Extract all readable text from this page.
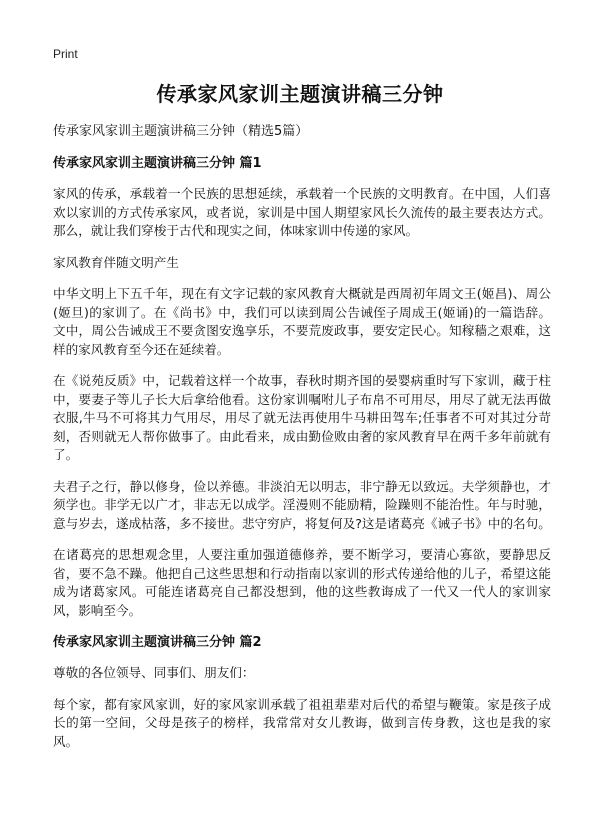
Print
传承家风家训主题演讲稿三分钟

传承家风家训主题演讲稿三分钟（精选5篇）

传承家风家训主题演讲稿三分钟 篇1

家风的传承，承载着一个民族的思想延续，承载着一个民族的文明教育。在中国，人们喜欢以家训的方式传承家风，或者说，家训是中国人期望家风长久流传的最主要表达方式。那么，就让我们穿梭于古代和现实之间，体味家训中传递的家风。

家风教育伴随文明产生

中华文明上下五千年，现在有文字记载的家风教育大概就是西周初年周文王(姬昌)、周公(姬旦)的家训了。在《尚书》中，我们可以读到周公告诫侄子周成王(姬诵)的一篇诰辞。文中，周公告诫成王不要贪图安逸享乐，不要荒废政事，要安定民心。知稼穑之艰难，这样的家风教育至今还在延续着。

在《说苑反质》中，记载着这样一个故事，春秋时期齐国的晏婴病重时写下家训，藏于柱中，要妻子等儿子长大后拿给他看。这份家训嘱咐儿子布帛不可用尽，用尽了就无法再做衣服,牛马不可将其力气用尽，用尽了就无法再使用牛马耕田驾车;任事者不可对其过分苛刻，否则就无人帮你做事了。由此看来，成由勤俭败由奢的家风教育早在两千多年前就有了。

夫君子之行，静以修身，俭以养德。非淡泊无以明志，非宁静无以致远。夫学须静也，才须学也。非学无以广才，非志无以成学。淫漫则不能励精，险躁则不能治性。年与时驰，意与岁去，遂成枯落，多不接世。悲守穷庐，将复何及?这是诸葛亮《诫子书》中的名句。

在诸葛亮的思想观念里，人要注重加强道德修养，要不断学习，要清心寡欲，要静思反省，要不急不躁。他把自己这些思想和行动指南以家训的形式传递给他的儿子，希望这能成为诸葛家风。可能连诸葛亮自己都没想到，他的这些教诲成了一代又一代人的家训家风，影响至今。

传承家风家训主题演讲稿三分钟 篇2

尊敬的各位领导、同事们、朋友们：

每个家，都有家风家训，好的家风家训承载了祖祖辈辈对后代的希望与鞭策。家是孩子成长的第一空间，父母是孩子的榜样，我常常对女儿教诲，做到言传身教，这也是我的家风。
